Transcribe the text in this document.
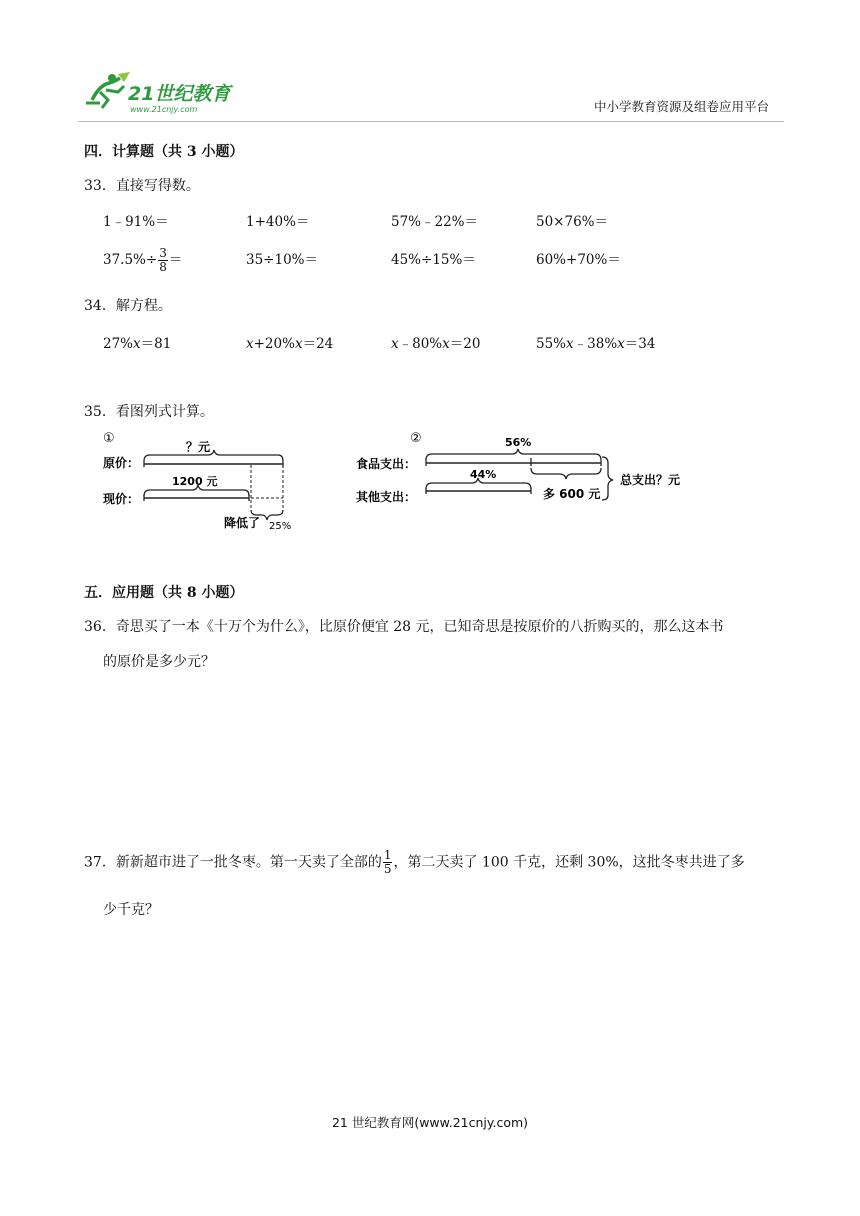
21世纪教育
www.21cnjy.com	中小学教育资源及组卷应用平台
四．计算题（共 3 小题）
33．直接写得数。
1﹣91%＝	1+40%＝	57%﹣22%＝	50×76%＝
$37.5\%\div \frac{3}{8}$ ＝	35÷10%＝	45%÷15%＝	60%+70%＝
34．解方程。
27%x＝81	x+20%x＝24	x﹣80%x＝20	55%x﹣38%x＝34
35．看图列式计算。
①
？元
原价：
1200 元
现价：
降低了 25%
②	56%
食品支出：
44%
其他支出：	多 600 元
总支出？元
五．应用题（共 8 小题）
36．奇思买了一本《十万个为什么》，比原价便宜 28 元，已知奇思是按原价的八折购买的，那么这本书
的原价是多少元？
37．新新超市进了一批冬枣。第一天卖了全部的 $\frac{1}{5}$ ，第二天卖了 100 千克，还剩 30%，这批冬枣共进了多
少千克？
21 世纪教育网(www.21cnjy.com)
